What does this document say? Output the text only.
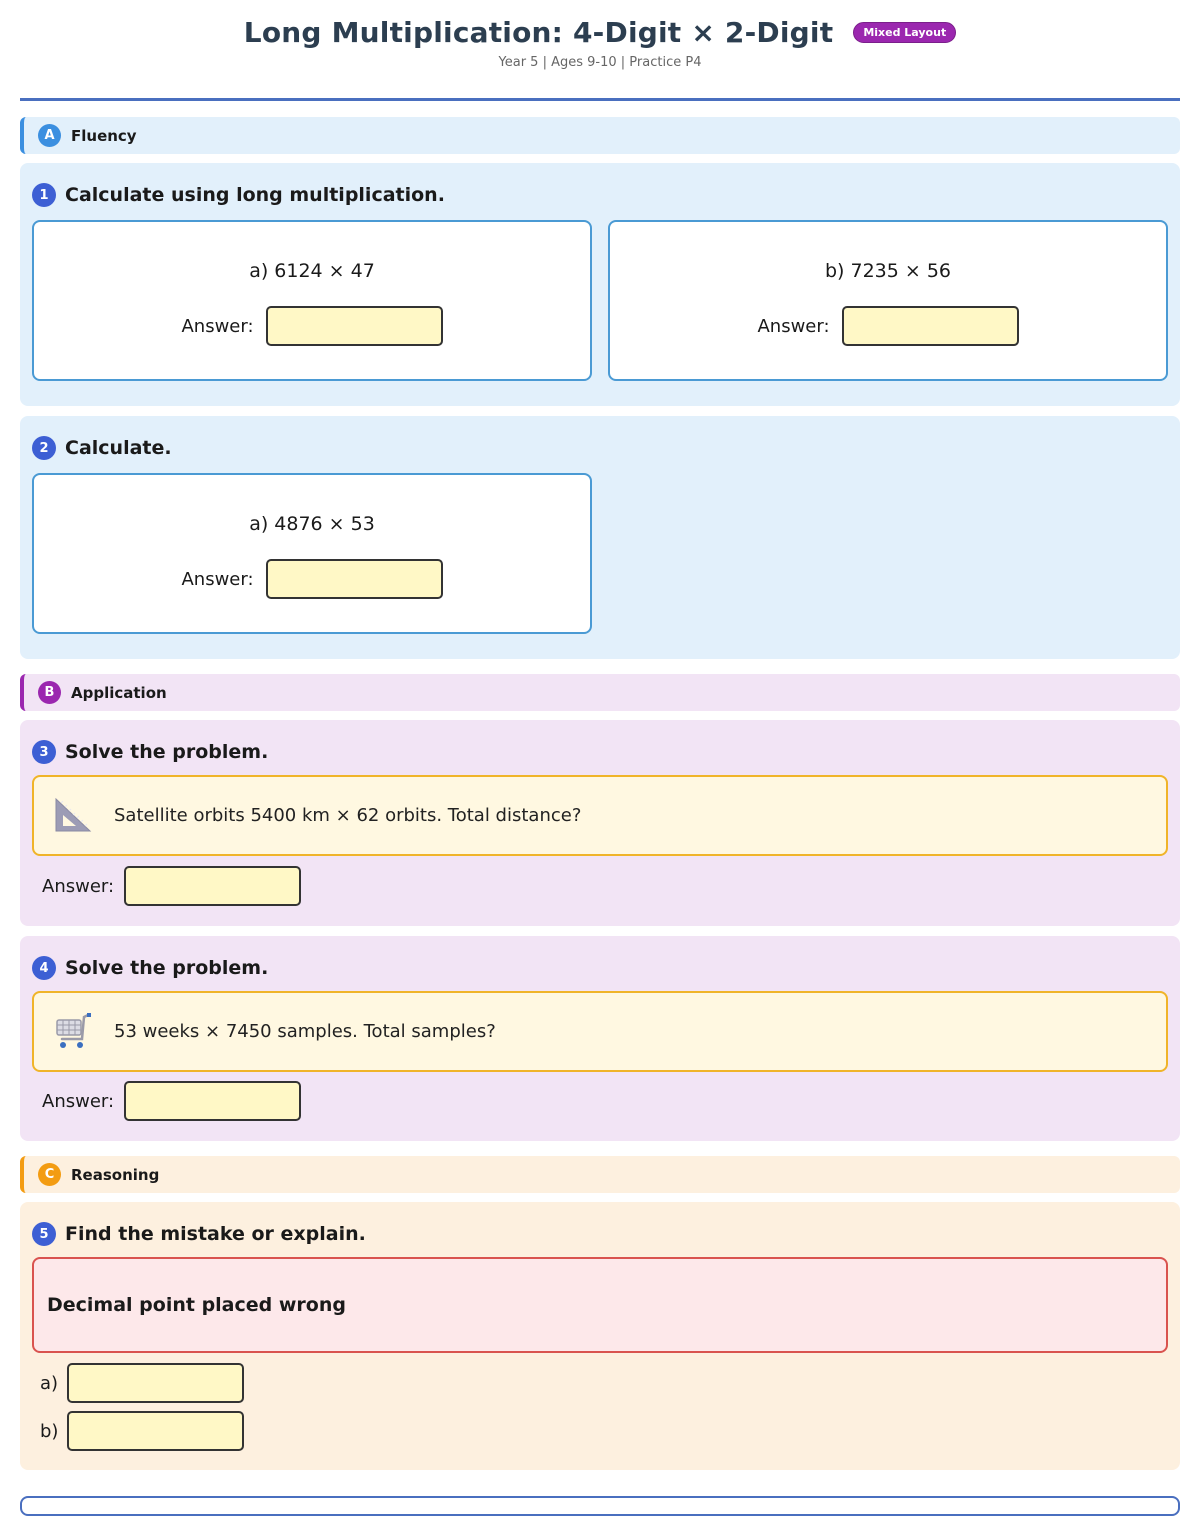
Long Multiplication: 4-Digit × 2-Digit	Mixed Layout
Year 5 | Ages 9-10 | Practice P4
A	Fluency
1 Calculate using long multiplication.
a) 6124 × 47
Answer:
b) 7235 × 56
Answer:
2 Calculate.
a) 4876 × 53
Answer:
B	Application
3 Solve the problem.
Satellite orbits 5400 km × 62 orbits. Total distance?
Answer:
4 Solve the problem.
53 weeks × 7450 samples. Total samples?
Answer:
C	Reasoning
5 Find the mistake or explain.
Decimal point placed wrong
a)
b)
